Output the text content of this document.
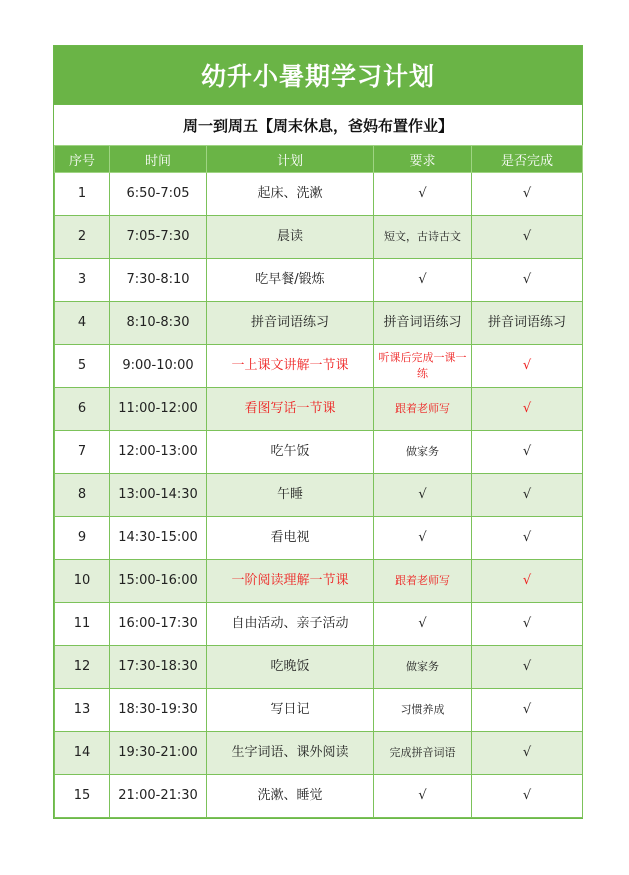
幼升小暑期学习计划
周一到周五【周末休息，爸妈布置作业】
序号	时间	计划	要求	是否完成
1	6:50-7:05	起床、洗漱	√	√
2	7:05-7:30	晨读	短文，古诗古文	√
3	7:30-8:10	吃早餐/锻炼	√	√
4	8:10-8:30	拼音词语练习	拼音词语练习	拼音词语练习
5	9:00-10:00	一上课文讲解一节课	听课后完成一课一练	√
6	11:00-12:00	看图写话一节课	跟着老师写	√
7	12:00-13:00	吃午饭	做家务	√
8	13:00-14:30	午睡	√	√
9	14:30-15:00	看电视	√	√
10	15:00-16:00	一阶阅读理解一节课	跟着老师写	√
11	16:00-17:30	自由活动、亲子活动	√	√
12	17:30-18:30	吃晚饭	做家务	√
13	18:30-19:30	写日记	习惯养成	√
14	19:30-21:00	生字词语、课外阅读	完成拼音词语	√
15	21:00-21:30	洗漱、睡觉	√	√
